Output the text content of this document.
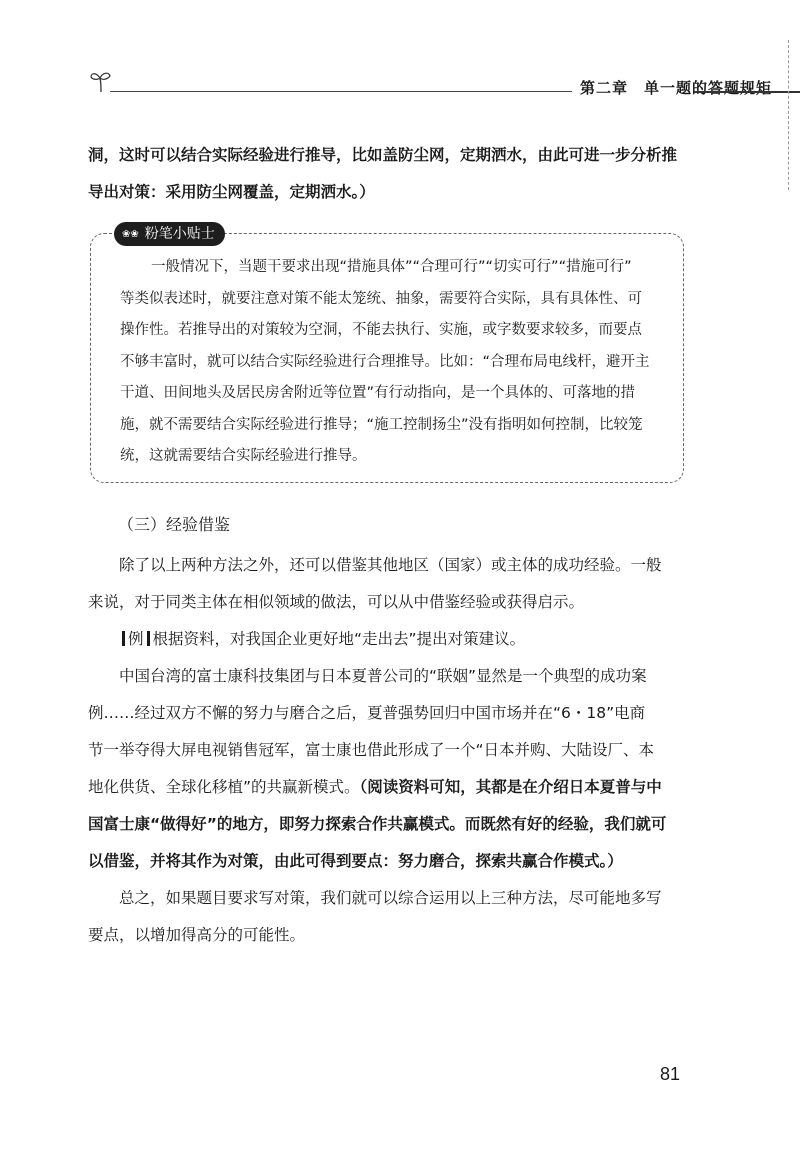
第二章　单一题的答题规矩

洞，这时可以结合实际经验进行推导，比如盖防尘网，定期洒水，由此可进一步分析推

导出对策：采用防尘网覆盖，定期洒水。）

❀❀ 粉笔小贴士

一般情况下，当题干要求出现“措施具体”“合理可行”“切实可行”“措施可行”

等类似表述时，就要注意对策不能太笼统、抽象，需要符合实际，具有具体性、可

操作性。若推导出的对策较为空洞，不能去执行、实施，或字数要求较多，而要点

不够丰富时，就可以结合实际经验进行合理推导。比如：“合理布局电线杆，避开主

干道、田间地头及居民房舍附近等位置”有行动指向，是一个具体的、可落地的措

施，就不需要结合实际经验进行推导；“施工控制扬尘”没有指明如何控制，比较笼

统，这就需要结合实际经验进行推导。

（三）经验借鉴

除了以上两种方法之外，还可以借鉴其他地区（国家）或主体的成功经验。一般

来说，对于同类主体在相似领域的做法，可以从中借鉴经验或获得启示。

例 根据资料，对我国企业更好地“走出去”提出对策建议。

中国台湾的富士康科技集团与日本夏普公司的“联姻”显然是一个典型的成功案

例……经过双方不懈的努力与磨合之后，夏普强势回归中国市场并在“6・18”电商

节一举夺得大屏电视销售冠军，富士康也借此形成了一个“日本并购、大陆设厂、本

地化供货、全球化移植”的共赢新模式。（阅读资料可知，其都是在介绍日本夏普与中

国富士康“做得好”的地方，即努力探索合作共赢模式。而既然有好的经验，我们就可

以借鉴，并将其作为对策，由此可得到要点：努力磨合，探索共赢合作模式。）

总之，如果题目要求写对策，我们就可以综合运用以上三种方法，尽可能地多写

要点，以增加得高分的可能性。

81
